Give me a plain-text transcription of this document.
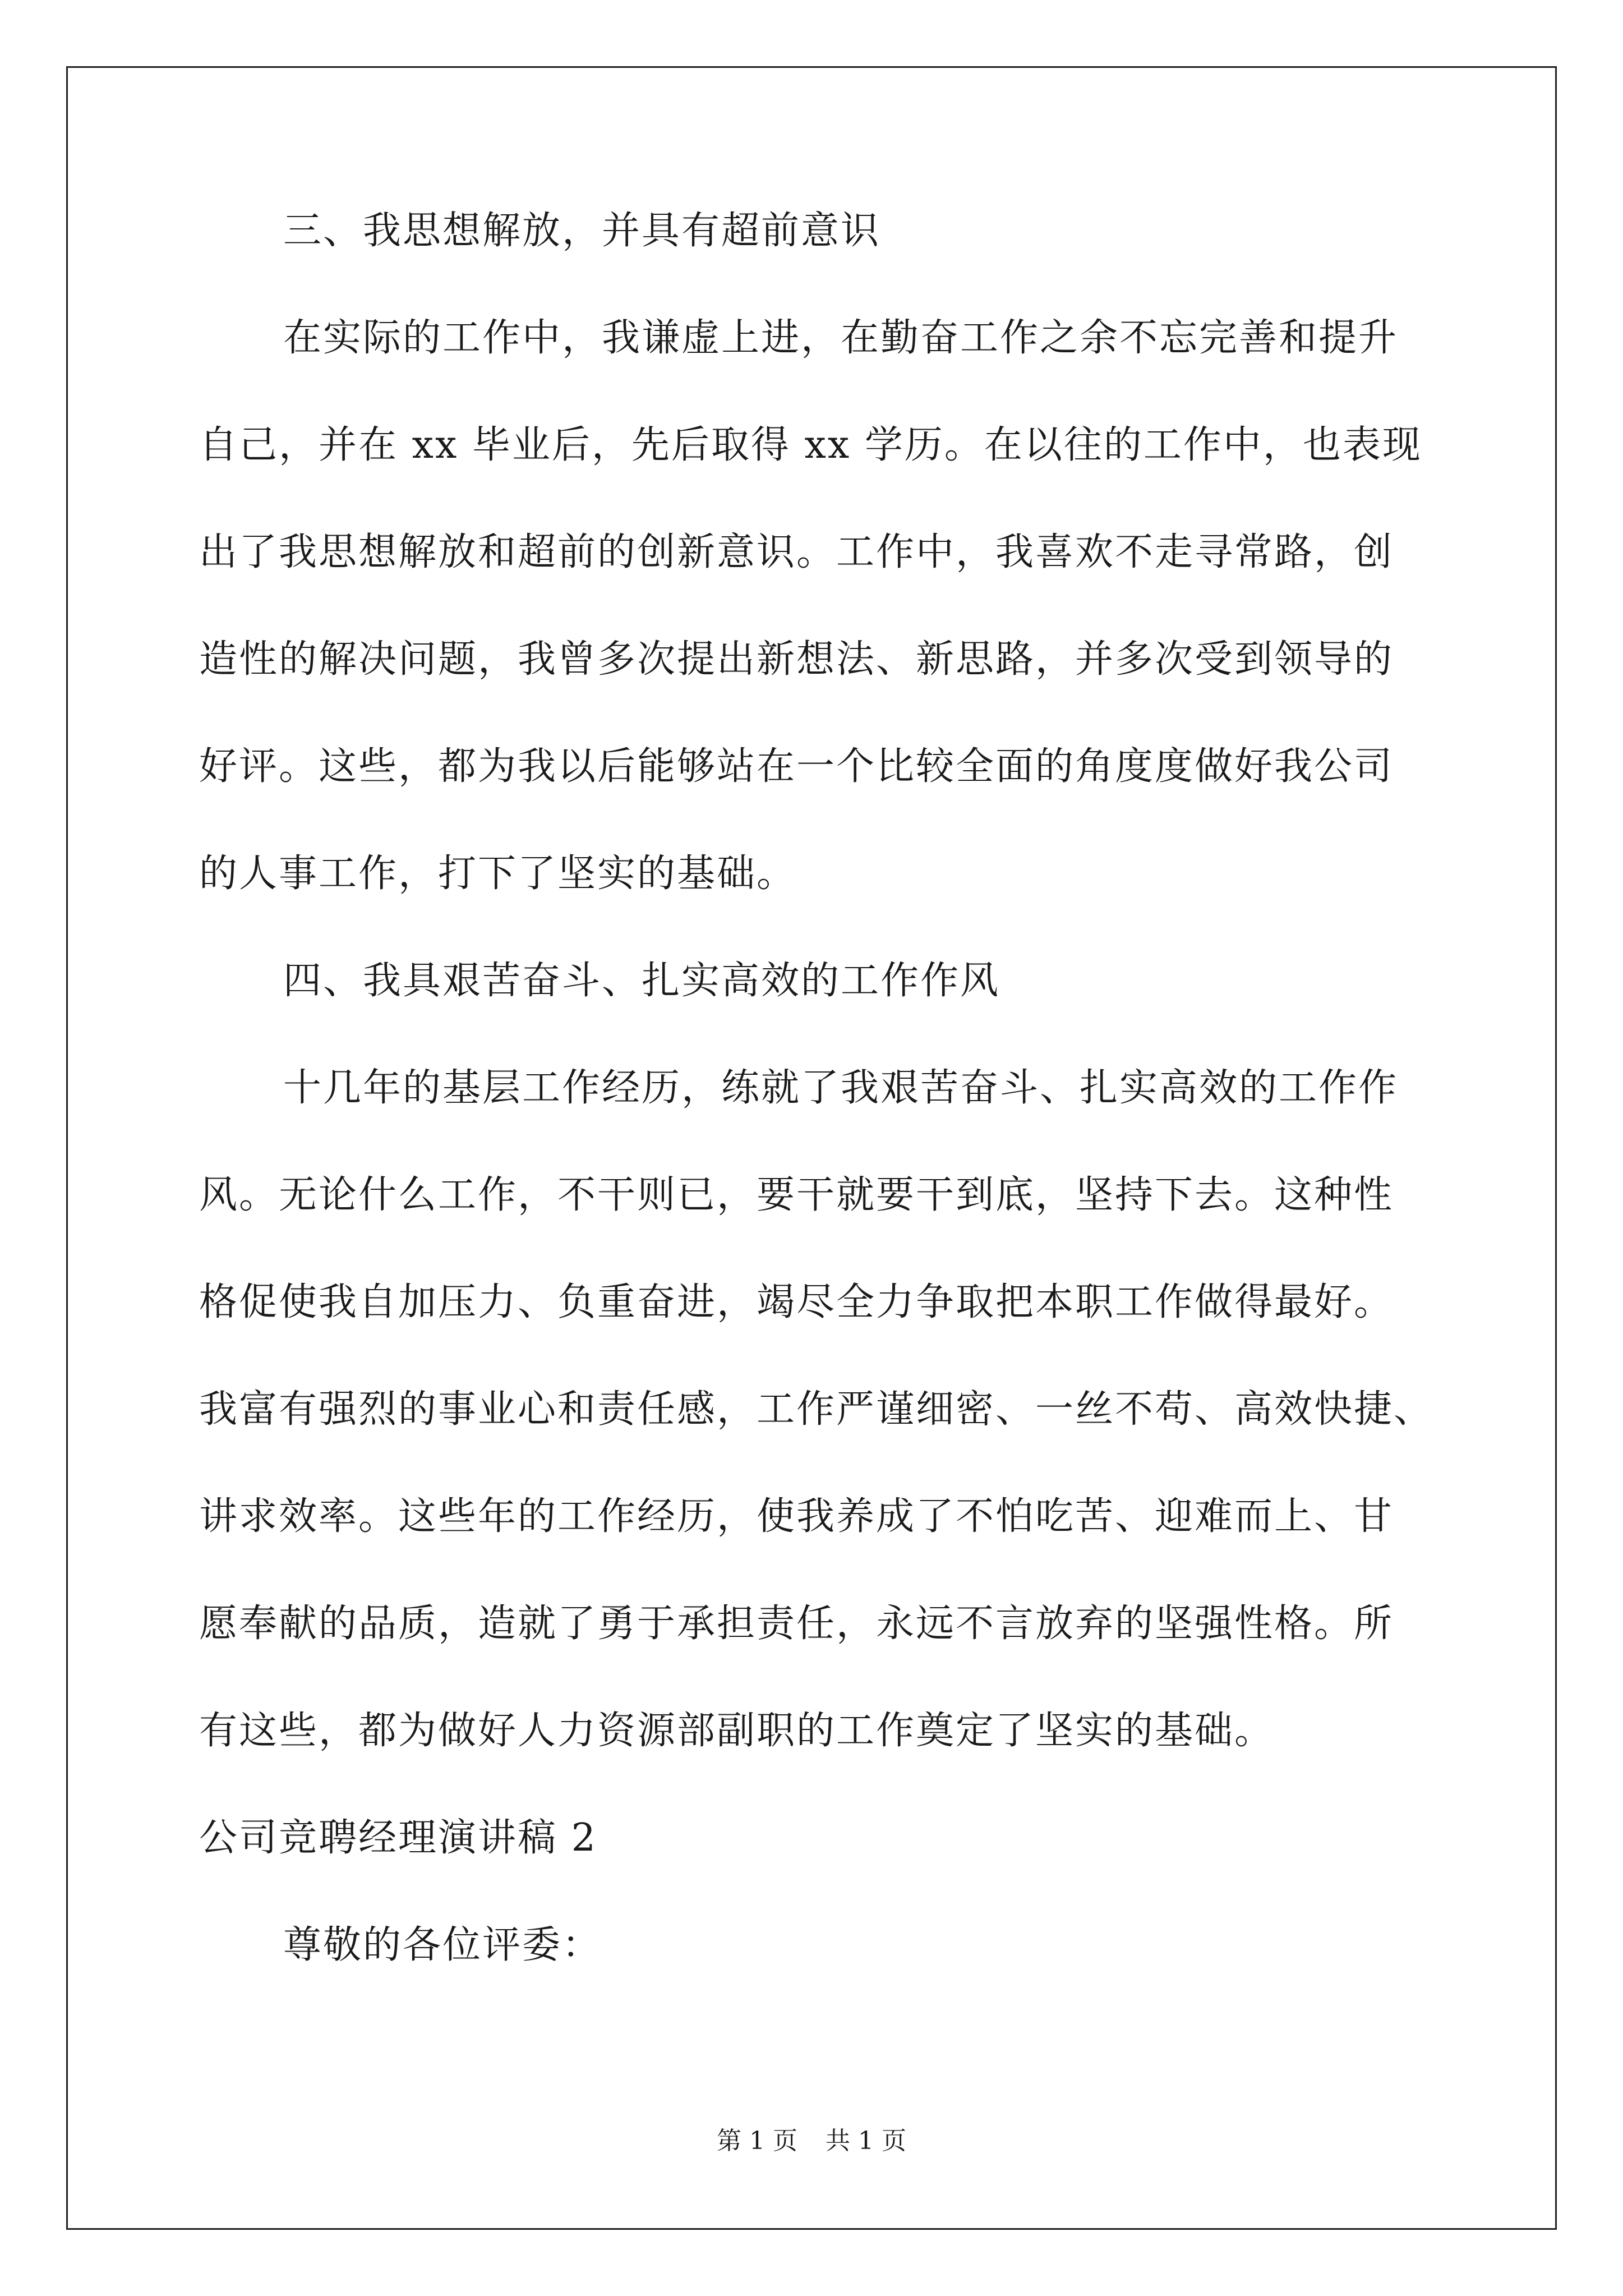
三、我思想解放，并具有超前意识
在实际的工作中，我谦虚上进，在勤奋工作之余不忘完善和提升
自己，并在 xx 毕业后，先后取得 xx 学历。在以往的工作中，也表现
出了我思想解放和超前的创新意识。工作中，我喜欢不走寻常路，创
造性的解决问题，我曾多次提出新想法、新思路，并多次受到领导的
好评。这些，都为我以后能够站在一个比较全面的角度度做好我公司
的人事工作，打下了坚实的基础。
四、我具艰苦奋斗、扎实高效的工作作风
十几年的基层工作经历，练就了我艰苦奋斗、扎实高效的工作作
风。无论什么工作，不干则已，要干就要干到底，坚持下去。这种性
格促使我自加压力、负重奋进，竭尽全力争取把本职工作做得最好。
我富有强烈的事业心和责任感，工作严谨细密、一丝不苟、高效快捷、
讲求效率。这些年的工作经历，使我养成了不怕吃苦、迎难而上、甘
愿奉献的品质，造就了勇于承担责任，永远不言放弃的坚强性格。所
有这些，都为做好人力资源部副职的工作奠定了坚实的基础。
公司竞聘经理演讲稿 2
尊敬的各位评委：
第 1 页 共 1 页
